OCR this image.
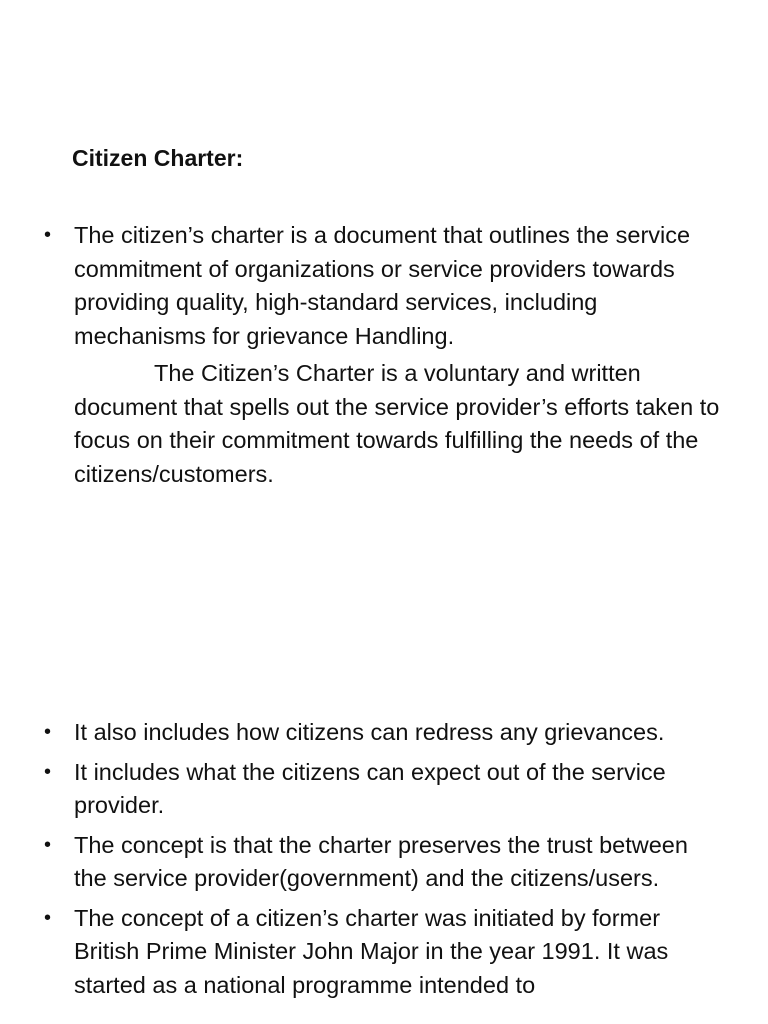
Citizen Charter:
• The citizen’s charter is a document that outlines the service commitment of organizations or service providers towards providing quality, high-standard services, including mechanisms for grievance Handling.

The Citizen’s Charter is a voluntary and written document that spells out the service provider’s efforts taken to focus on their commitment towards fulfilling the needs of the citizens/customers.

• It also includes how citizens can redress any grievances.

• It includes what the citizens can expect out of the service provider.

• The concept is that the charter preserves the trust between the service provider(government) and the citizens/users.

• The concept of a citizen’s charter was initiated by former British Prime Minister John Major in the year 1991. It was started as a national programme intended to
